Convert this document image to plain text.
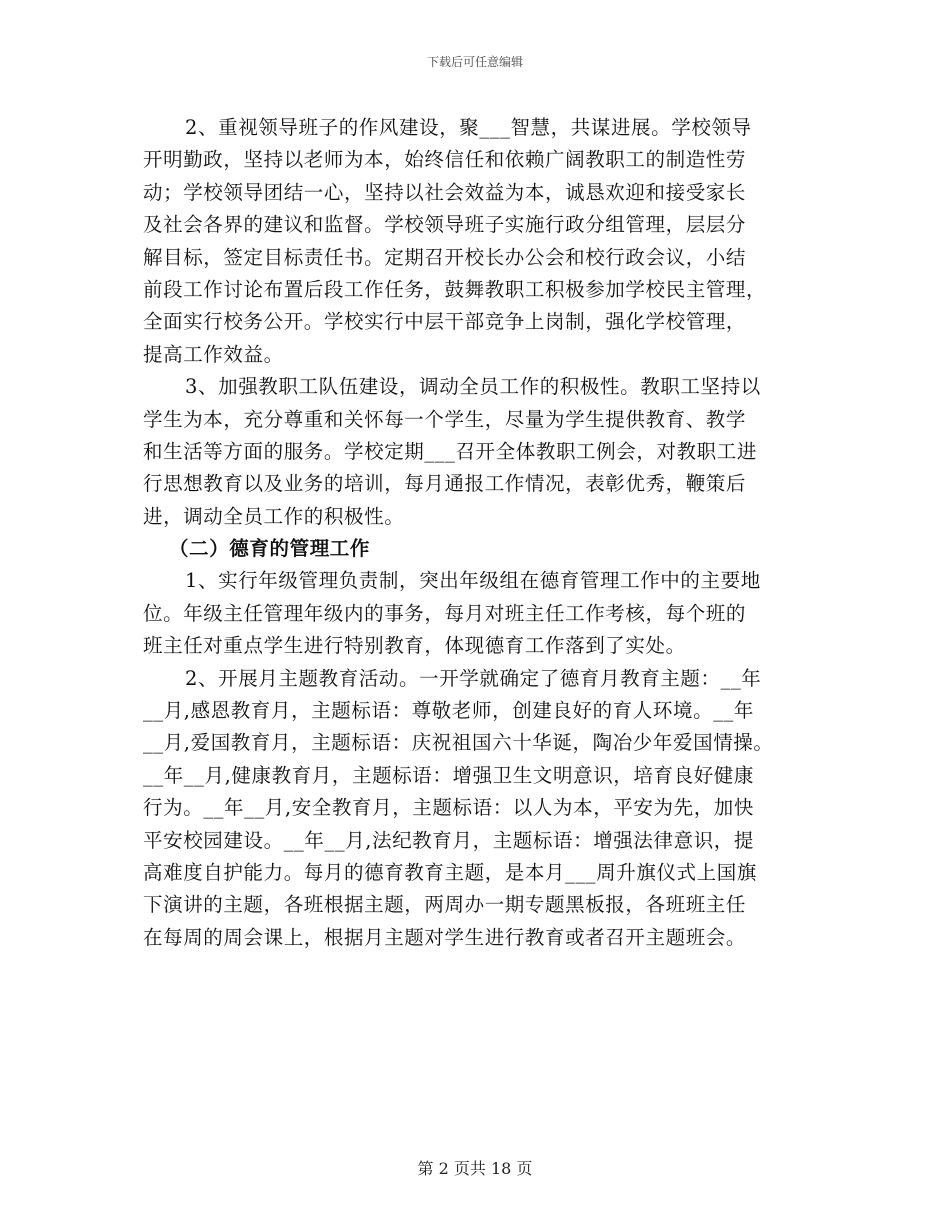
下载后可任意编辑
2、重视领导班子的作风建设，聚___智慧，共谋进展。学校领导
开明勤政，坚持以老师为本，始终信任和依赖广阔教职工的制造性劳
动；学校领导团结一心，坚持以社会效益为本，诚恳欢迎和接受家长
及社会各界的建议和监督。学校领导班子实施行政分组管理，层层分
解目标，签定目标责任书。定期召开校长办公会和校行政会议，小结
前段工作讨论布置后段工作任务，鼓舞教职工积极参加学校民主管理，
全面实行校务公开。学校实行中层干部竞争上岗制，强化学校管理，
提高工作效益。
3、加强教职工队伍建设，调动全员工作的积极性。教职工坚持以
学生为本，充分尊重和关怀每一个学生，尽量为学生提供教育、教学
和生活等方面的服务。学校定期___召开全体教职工例会，对教职工进
行思想教育以及业务的培训，每月通报工作情况，表彰优秀，鞭策后
进，调动全员工作的积极性。
（二）德育的管理工作
1、实行年级管理负责制，突出年级组在德育管理工作中的主要地
位。年级主任管理年级内的事务，每月对班主任工作考核，每个班的
班主任对重点学生进行特别教育，体现德育工作落到了实处。
2、开展月主题教育活动。一开学就确定了德育月教育主题：__年
__月,感恩教育月，主题标语：尊敬老师，创建良好的育人环境。__年
__月,爱国教育月，主题标语：庆祝祖国六十华诞，陶冶少年爱国情操。
__年__月,健康教育月，主题标语：增强卫生文明意识，培育良好健康
行为。__年__月,安全教育月，主题标语：以人为本，平安为先，加快
平安校园建设。__年__月,法纪教育月，主题标语：增强法律意识，提
高难度自护能力。每月的德育教育主题，是本月___周升旗仪式上国旗
下演讲的主题，各班根据主题，两周办一期专题黑板报，各班班主任
在每周的周会课上，根据月主题对学生进行教育或者召开主题班会。
第 2 页共 18 页
